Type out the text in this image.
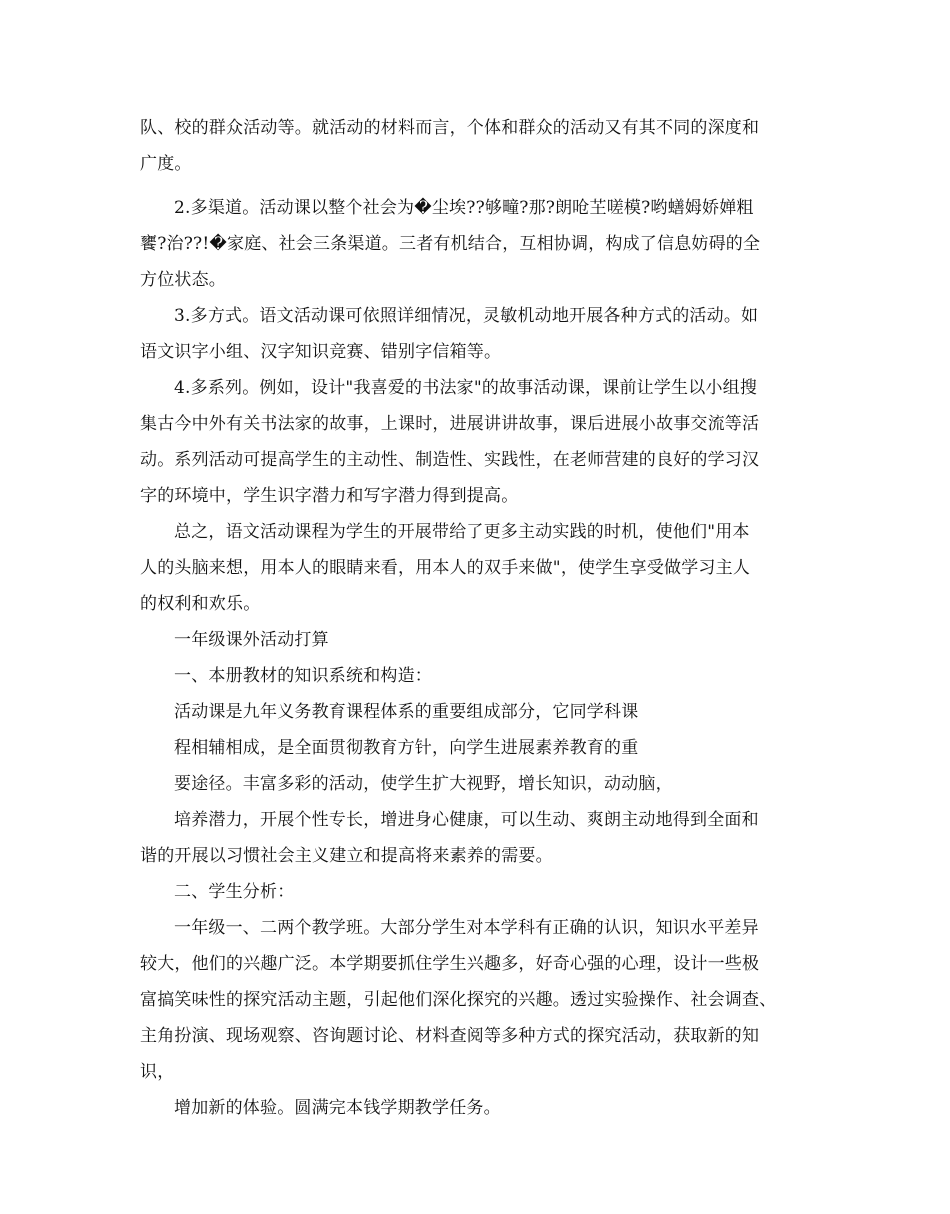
队、校的群众活动等。就活动的材料而言，个体和群众的活动又有其不同的深度和
广度。
2.多渠道。活动课以整个社会为�尘埃??够疃?那?朗呛芏嗟模?哟蟮姆娇婵粗
饔?治??!�家庭、社会三条渠道。三者有机结合，互相协调，构成了信息妨碍的全
方位状态。
3.多方式。语文活动课可依照详细情况，灵敏机动地开展各种方式的活动。如
语文识字小组、汉字知识竞赛、错别字信箱等。
4.多系列。例如，设计"我喜爱的书法家"的故事活动课，课前让学生以小组搜
集古今中外有关书法家的故事，上课时，进展讲讲故事，课后进展小故事交流等活
动。系列活动可提高学生的主动性、制造性、实践性，在老师营建的良好的学习汉
字的环境中，学生识字潜力和写字潜力得到提高。
总之，语文活动课程为学生的开展带给了更多主动实践的时机，使他们"用本
人的头脑来想，用本人的眼睛来看，用本人的双手来做"，使学生享受做学习主人
的权利和欢乐。
一年级课外活动打算
一、本册教材的知识系统和构造：
活动课是九年义务教育课程体系的重要组成部分，它同学科课
程相辅相成，是全面贯彻教育方针，向学生进展素养教育的重
要途径。丰富多彩的活动，使学生扩大视野，增长知识，动动脑，
培养潜力，开展个性专长，增进身心健康，可以生动、爽朗主动地得到全面和
谐的开展以习惯社会主义建立和提高将来素养的需要。
二、学生分析：
一年级一、二两个教学班。大部分学生对本学科有正确的认识，知识水平差异
较大，他们的兴趣广泛。本学期要抓住学生兴趣多，好奇心强的心理，设计一些极
富搞笑味性的探究活动主题，引起他们深化探究的兴趣。透过实验操作、社会调查、
主角扮演、现场观察、咨询题讨论、材料查阅等多种方式的探究活动，获取新的知
识，
增加新的体验。圆满完本钱学期教学任务。
